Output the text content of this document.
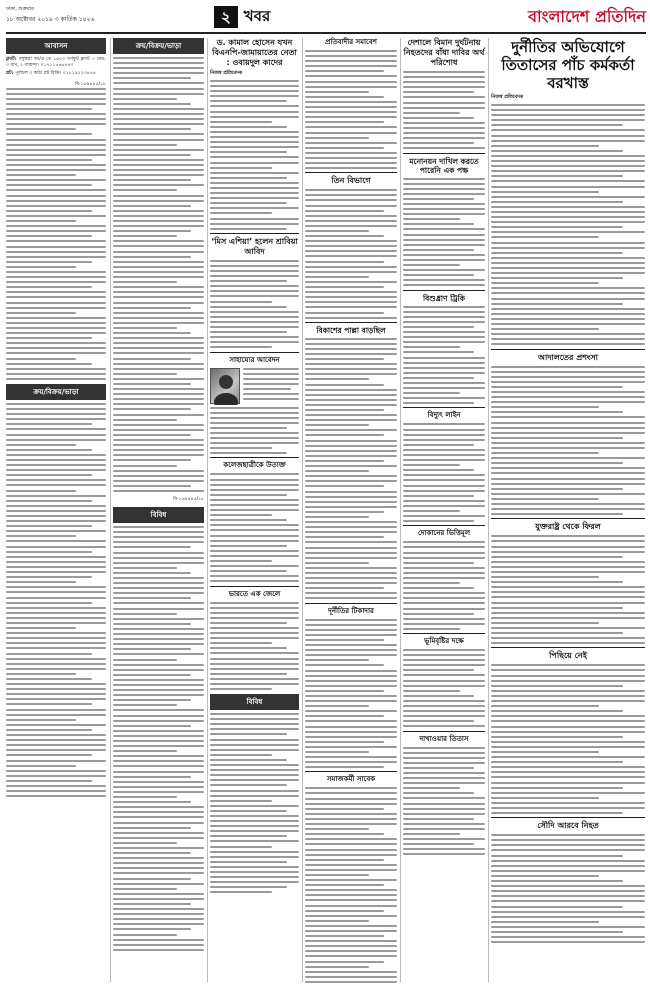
ঢাকা, শুক্রবার
১৮ অক্টোবর ২০১৯ ৩ কার্তিক ১৪২৬	২ খবর	বাংলাদেশ প্রতিদিন
আবাসন
ফ্ল্যাট: বসুন্ধরা আ/এ-তে ১৬৫০ বর্গফুট ফ্ল্যাট ৩ বেড, ৩ বাথ, ২ বারান্দা। ০১৭১১৫৪৬৪৪৩
প্লট: পূর্বাচল ৩ কাঠা প্লট বিক্রি। ০১৮১৯২২৩৪৫৬
বি-১৬৯৪৪৫/১৮
ক্রয়/বিক্রয়/ভাড়া
ক্রয়/বিক্রয়/ভাড়া
বি-১৬৯৪৪৫/১৮
বিবিধ
ড. কামাল হোসেন যখন বিএনপি-জামায়াতের নেতা : ওবায়দুল কাদের
নিজস্ব প্রতিবেদক
‘মিস এশিয়া’ হলেন শ্রাবিয়া আবিদ
সাহায্যের আবেদন
কলেজছাত্রীকে উত্যক্ত
ভারতে এক জেলে
বিবিধ
প্রতিবাদীর সমাবেশ
তিন বিভাগে
বিকাশের পাল্লা বাড়ছিল
দূর্নীতির টিকাদার
সমাজকর্মী সাবেক
দেশালে বিমান দুর্ঘটনায় নিহতদের বাঁধা দাবির অর্থ পরিশোধ
মনোনয়ন দাখিল করতে পারেনি এক পক্ষ
বিশুধ্রাণ ট্রিকি
বিদ্যুৎ লাইন
দোকানের ভিত্তিমূল
ভূমিবৃষ্টির দক্ষে
দাখাওয়ার তিতাস
দুর্নীতির অভিযোগে তিতাসের পাঁচ কর্মকর্তা বরখাস্ত
নিজস্ব প্রতিবেদক
আদালতের প্রশংসা
যুক্তরাষ্ট্র থেকে ফিরল
পিছিয়ে নেই
সৌদি আরবে নিহত
